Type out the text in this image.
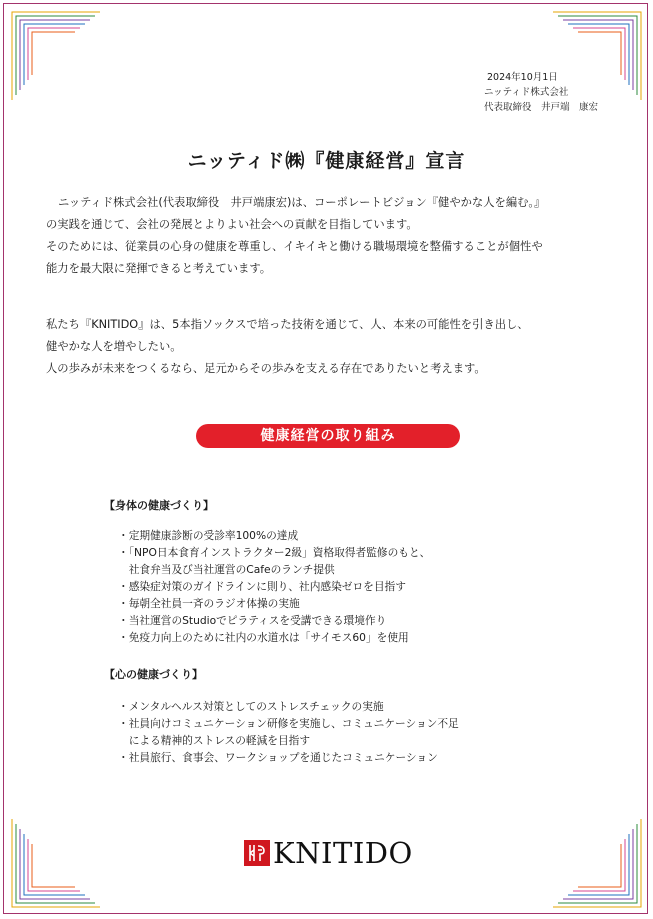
2024年10月1日
ニッティド株式会社
代表取締役　井戸端　康宏
ニッティド㈱『健康経営』宣言
ニッティド株式会社(代表取締役　井戸端康宏)は、コーポレートビジョン『健やかな人を編む。』
の実践を通じて、会社の発展とよりよい社会への貢献を目指しています。
そのためには、従業員の心身の健康を尊重し、イキイキと働ける職場環境を整備することが個性や
能力を最大限に発揮できると考えています。
私たち『KNITIDO』は、5本指ソックスで培った技術を通じて、人、本来の可能性を引き出し、
健やかな人を増やしたい。
人の歩みが未来をつくるなら、足元からその歩みを支える存在でありたいと考えます。
健康経営の取り組み
【身体の健康づくり】
・定期健康診断の受診率100%の達成
・「NPO日本食育インストラクター2級」資格取得者監修のもと、
　社食弁当及び当社運営のCafeのランチ提供
・感染症対策のガイドラインに則り、社内感染ゼロを目指す
・毎朝全社員一斉のラジオ体操の実施
・当社運営のStudioでピラティスを受講できる環境作り
・免疫力向上のために社内の水道水は「サイモス60」を使用
【心の健康づくり】
・メンタルヘルス対策としてのストレスチェックの実施
・社員向けコミュニケーション研修を実施し、コミュニケーション不足
　による精神的ストレスの軽減を目指す
・社員旅行、食事会、ワークショップを通じたコミュニケーション
KNITIDO
